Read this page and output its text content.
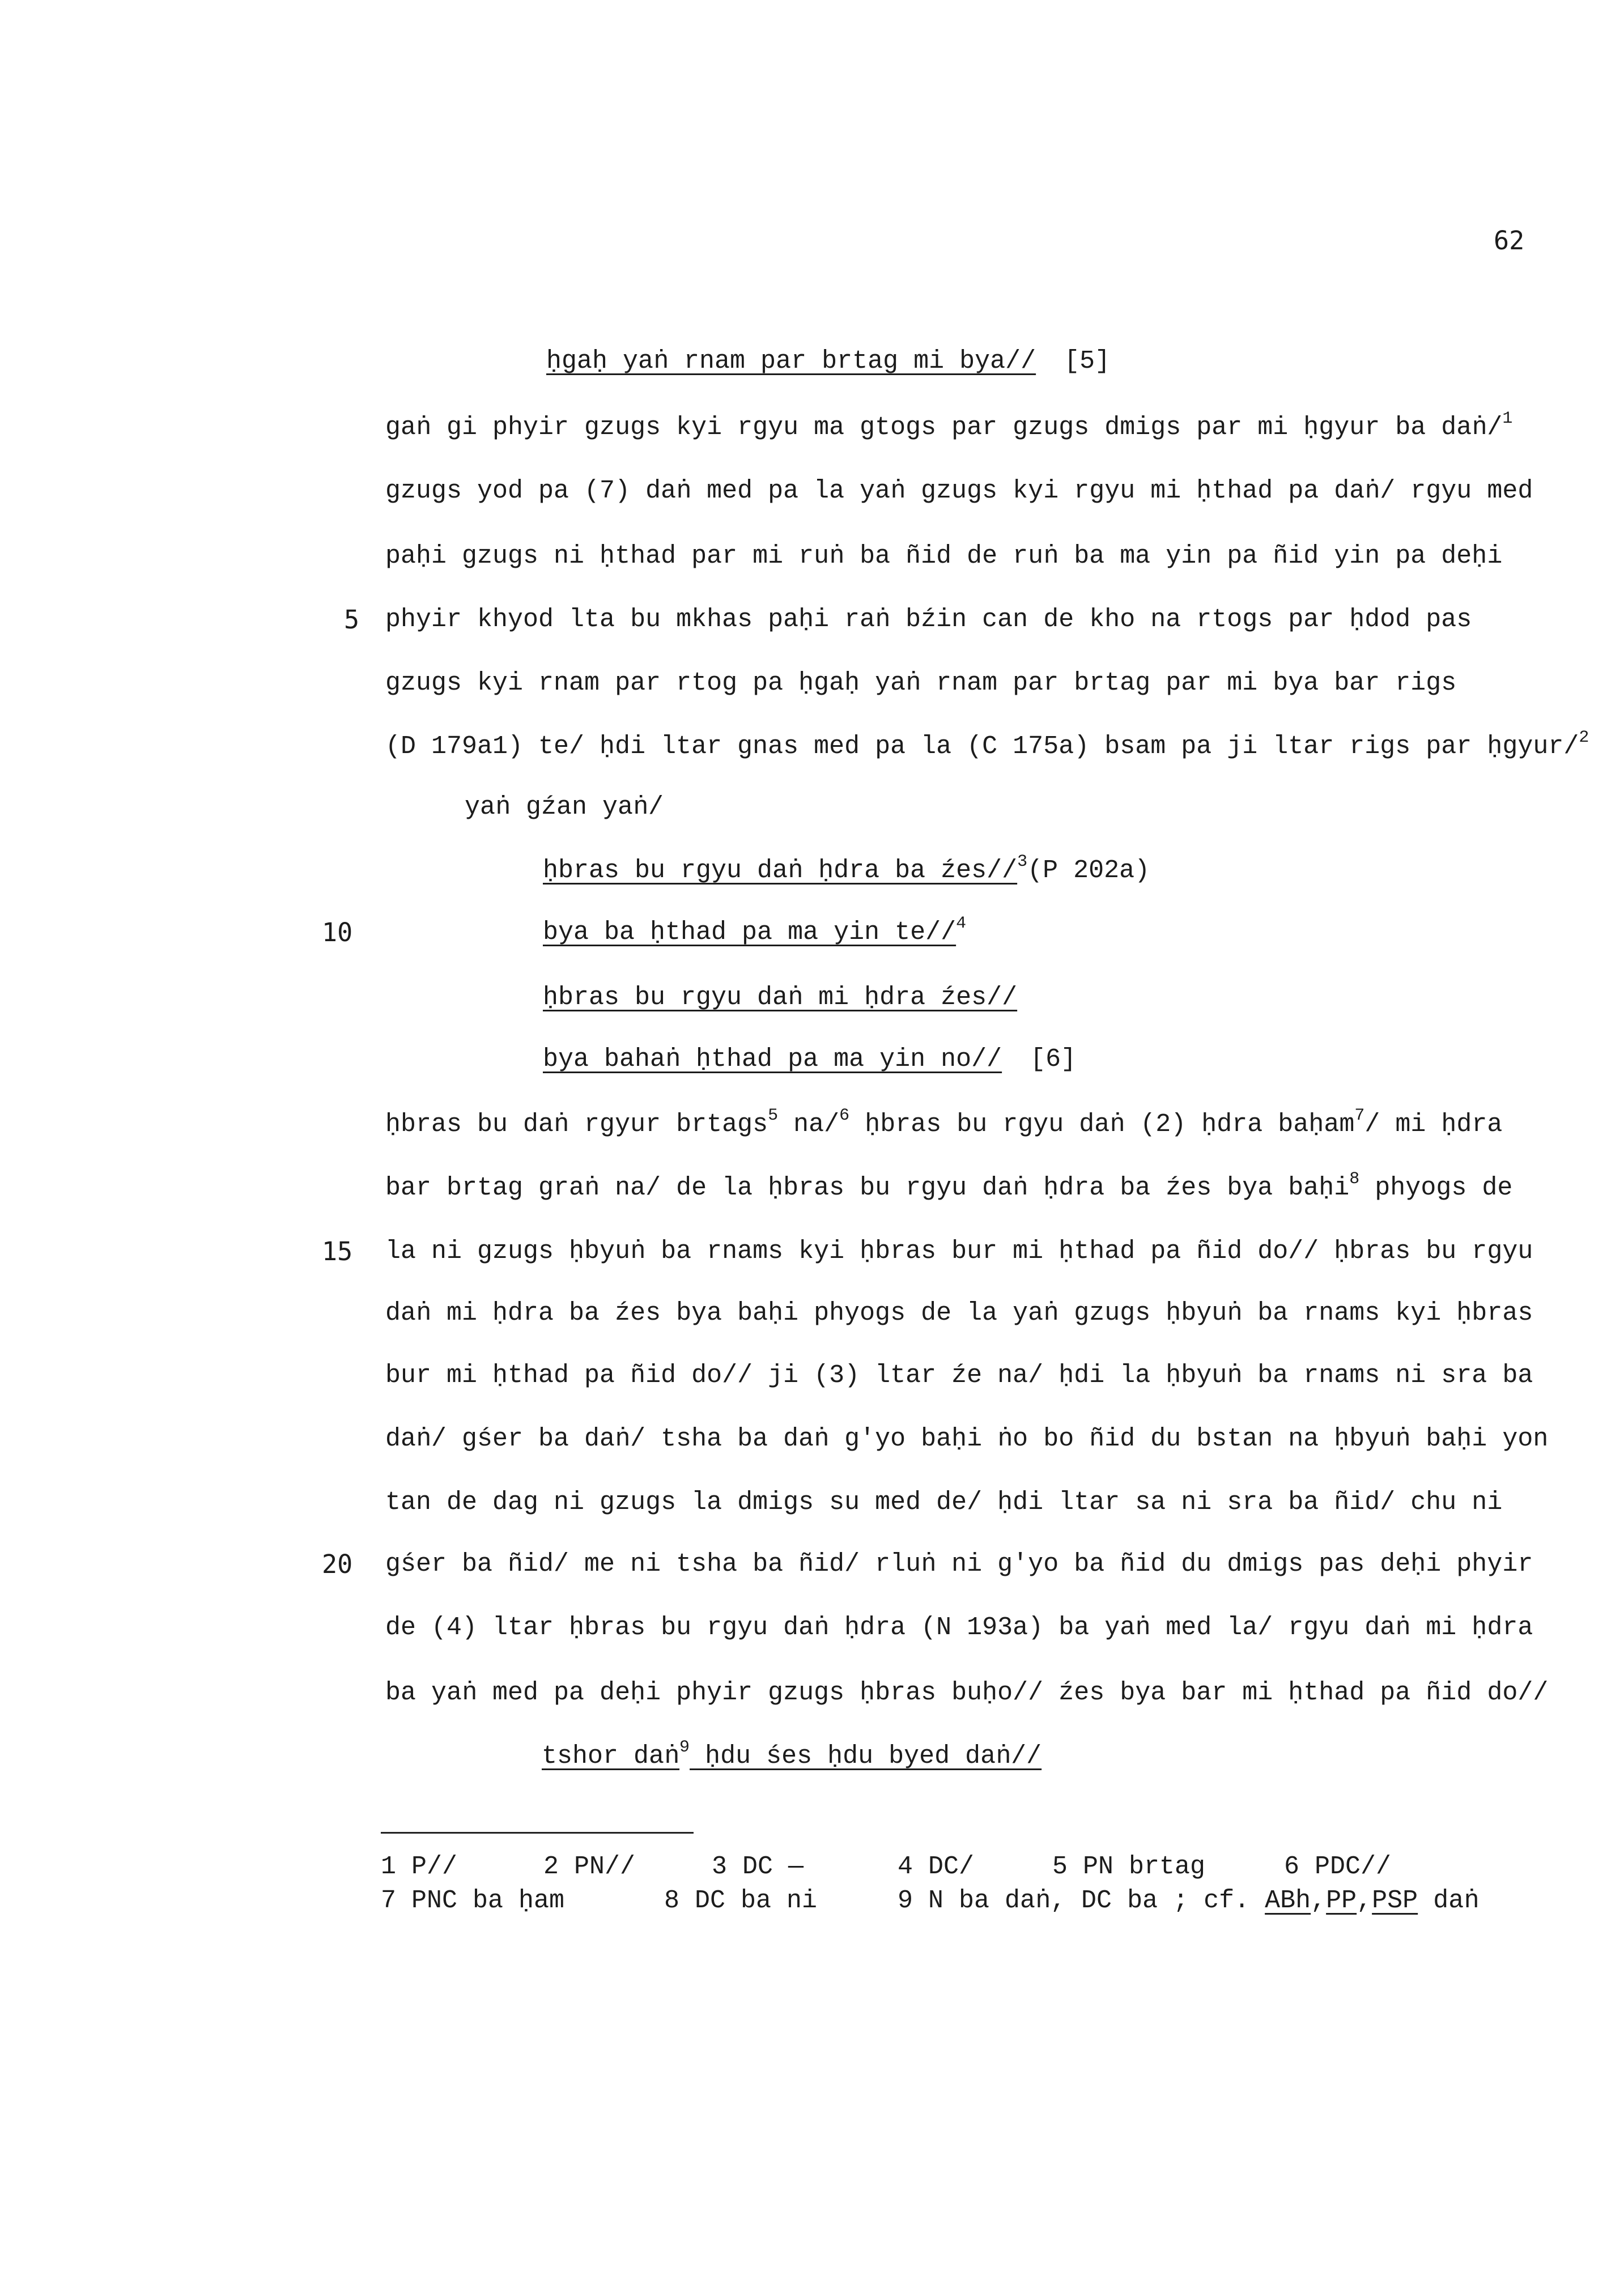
62
ḥgaḥ yaṅ rnam par brtag mi bya// [5]
gaṅ gi phyir gzugs kyi rgyu ma gtogs par gzugs dmigs par mi ḥgyur ba daṅ/$^1$
gzugs yod pa (7) daṅ med pa la yaṅ gzugs kyi rgyu mi ḥthad pa daṅ/ rgyu med
paḥi gzugs ni ḥthad par mi ruṅ ba ñid de ruṅ ba ma yin pa ñid yin pa deḥi
5 phyir khyod lta bu mkhas paḥi raṅ bźin can de kho na rtogs par ḥdod pas
gzugs kyi rnam par rtog pa ḥgaḥ yaṅ rnam par brtag par mi bya bar rigs
(D 179a1) te/ ḥdi ltar gnas med pa la (C 175a) bsam pa ji ltar rigs par ḥgyur/$^2$
yaṅ gźan yaṅ/
ḥbras bu rgyu daṅ ḥdra ba źes//$^3$(P 202a)
10	bya ba ḥthad pa ma yin te//$^4$
ḥbras bu rgyu daṅ mi ḥdra źes//
bya bahaṅ ḥthad pa ma yin no// [6]
ḥbras bu daṅ rgyur brtags$^5$ na/$^6$ ḥbras bu rgyu daṅ (2) ḥdra baḥam$^7$/ mi ḥdra
bar brtag graṅ na/ de la ḥbras bu rgyu daṅ ḥdra ba źes bya baḥi$^8$ phyogs de
15 la ni gzugs ḥbyuṅ ba rnams kyi ḥbras bur mi ḥthad pa ñid do// ḥbras bu rgyu
daṅ mi ḥdra ba źes bya baḥi phyogs de la yaṅ gzugs ḥbyuṅ ba rnams kyi ḥbras
bur mi ḥthad pa ñid do// ji (3) ltar źe na/ ḥdi la ḥbyuṅ ba rnams ni sra ba
daṅ/ gśer ba daṅ/ tsha ba daṅ g'yo baḥi ṅo bo ñid du bstan na ḥbyuṅ baḥi yon
tan de dag ni gzugs la dmigs su med de/ ḥdi ltar sa ni sra ba ñid/ chu ni
20 gśer ba ñid/ me ni tsha ba ñid/ rluṅ ni g'yo ba ñid du dmigs pas deḥi phyir
de (4) ltar ḥbras bu rgyu daṅ ḥdra (N 193a) ba yaṅ med la/ rgyu daṅ mi ḥdra
ba yaṅ med pa deḥi phyir gzugs ḥbras buḥo// źes bya bar mi ḥthad pa ñid do//
tshor daṅ$^9$ ḥdu śes ḥdu byed daṅ//
1 P//	2 PN//	3 DC —	4 DC/	5 PN brtag	6 PDC//
7 PNC ba ḥam	8 DC ba ni	9 N ba daṅ, DC ba ; cf. ABh,PP,PSP daṅ
